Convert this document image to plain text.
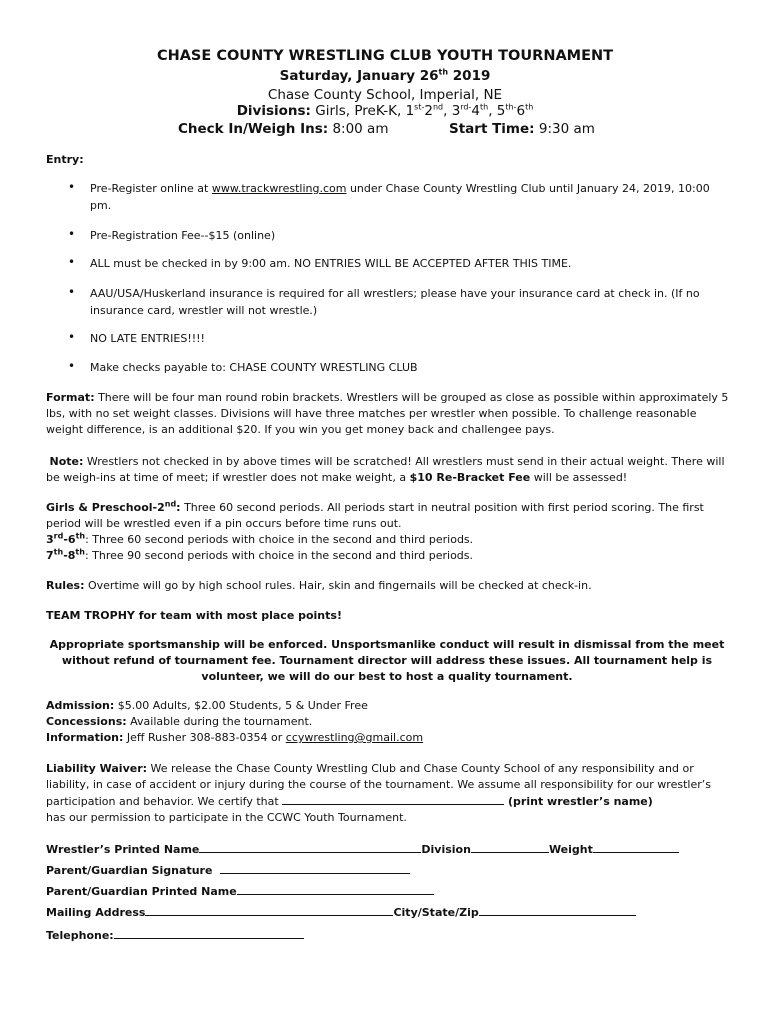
CHASE COUNTY WRESTLING CLUB YOUTH TOURNAMENT
Saturday, January 26th 2019
Chase County School, Imperial, NE
Divisions: Girls, PreK-K, $1^{st-}2nd$, $3^{rd-}4th$, $5^{th-}6th$
Check In/Weigh Ins: 8:00 am	Start Time: 9:30 am
Entry:
• Pre-Register online at www.trackwrestling.com under Chase County Wrestling Club until January 24, 2019, 10:00 pm.
• Pre-Registration Fee--$15 (online)
• ALL must be checked in by 9:00 am. NO ENTRIES WILL BE ACCEPTED AFTER THIS TIME.
• AAU/USA/Huskerland insurance is required for all wrestlers; please have your insurance card at check in. (If no insurance card, wrestler will not wrestle.)
• NO LATE ENTRIES!!!!
• Make checks payable to: CHASE COUNTY WRESTLING CLUB
Format: There will be four man round robin brackets. Wrestlers will be grouped as close as possible within approximately 5 lbs, with no set weight classes. Divisions will have three matches per wrestler when possible. To challenge reasonable weight difference, is an additional $20. If you win you get money back and challengee pays.
Note: Wrestlers not checked in by above times will be scratched! All wrestlers must send in their actual weight. There will be weigh-ins at time of meet; if wrestler does not make weight, a $10 Re-Bracket Fee will be assessed!
Girls & Preschool-2nd: Three 60 second periods. All periods start in neutral position with first period scoring. The first period will be wrestled even if a pin occurs before time runs out.
3rd-6th: Three 60 second periods with choice in the second and third periods.
7th-8th: Three 90 second periods with choice in the second and third periods.
Rules: Overtime will go by high school rules. Hair, skin and fingernails will be checked at check-in.
TEAM TROPHY for team with most place points!
Appropriate sportsmanship will be enforced. Unsportsmanlike conduct will result in dismissal from the meet without refund of tournament fee. Tournament director will address these issues. All tournament help is volunteer, we will do our best to host a quality tournament.
Admission: $5.00 Adults, $2.00 Students, 5 & Under Free
Concessions: Available during the tournament.
Information: Jeff Rusher 308-883-0354 or ccywrestling@gmail.com
Liability Waiver: We release the Chase County Wrestling Club and Chase County School of any responsibility and or liability, in case of accident or injury during the course of the tournament. We assume all responsibility for our wrestler’s participation and behavior. We certify that	(print wrestler’s name)
has our permission to participate in the CCWC Youth Tournament.
Wrestler’s Printed Name	Division	Weight
Parent/Guardian Signature
Parent/Guardian Printed Name
Mailing Address	City/State/Zip
Telephone:
